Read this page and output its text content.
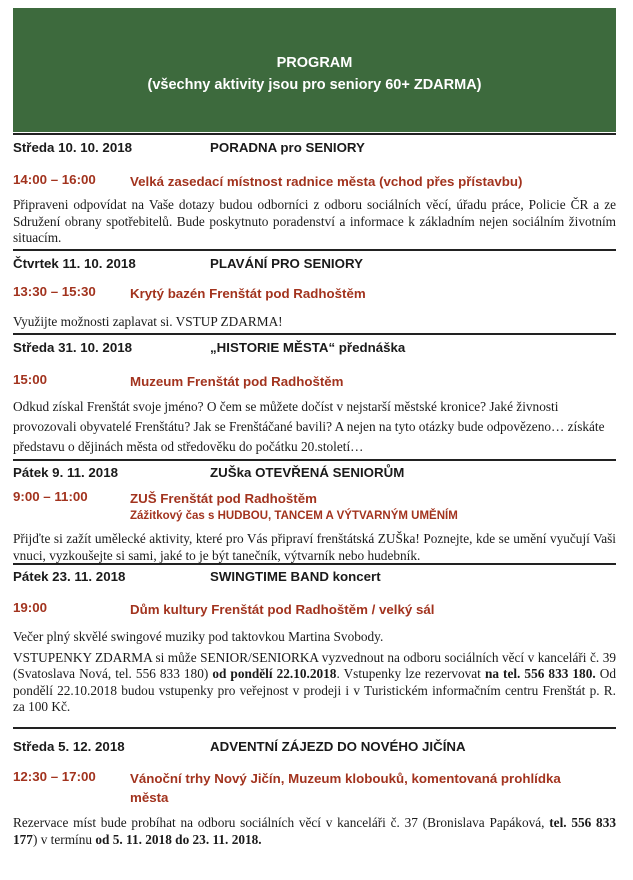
PROGRAM
(všechny aktivity jsou pro seniory 60+ ZDARMA)
Středa 10. 10. 2018	PORADNA pro SENIORY
14:00 – 16:00	Velká zasedací místnost radnice města (vchod přes přístavbu)
Připraveni odpovídat na Vaše dotazy budou odborníci z odboru sociálních věcí, úřadu práce, Policie ČR a ze Sdružení obrany spotřebitelů. Bude poskytnuto poradenství a informace k základním nejen sociálním životním situacím.
Čtvrtek 11. 10. 2018	PLAVÁNÍ PRO SENIORY
13:30 – 15:30	Krytý bazén Frenštát pod Radhoštěm
Využijte možnosti zaplavat si. VSTUP ZDARMA!
Středa 31. 10. 2018	„HISTORIE MĚSTA“ přednáška
15:00	Muzeum Frenštát pod Radhoštěm
Odkud získal Frenštát svoje jméno? O čem se můžete dočíst v nejstarší městské kronice? Jaké živnosti provozovali obyvatelé Frenštátu? Jak se Frenštáčané bavili? A nejen na tyto otázky bude odpovězeno… získáte představu o dějinách města od středověku do počátku 20.století…
Pátek 9. 11. 2018	ZUŠka OTEVŘENÁ SENIORŮM
9:00 – 11:00	ZUŠ Frenštát pod Radhoštěm
Zážitkový čas s HUDBOU, TANCEM A VÝTVARNÝM UMĚNÍM
Přijďte si zažít umělecké aktivity, které pro Vás připraví frenštátská ZUŠka! Poznejte, kde se umění vyučují Vaši vnuci, vyzkoušejte si sami, jaké to je být tanečník, výtvarník nebo hudebník.
Pátek 23. 11. 2018	SWINGTIME BAND koncert
19:00	Dům kultury Frenštát pod Radhoštěm / velký sál
Večer plný skvělé swingové muziky pod taktovkou Martina Svobody.
VSTUPENKY ZDARMA si může SENIOR/SENIORKA vyzvednout na odboru sociálních věcí v kanceláři č. 39 (Svatoslava Nová, tel. 556 833 180) od pondělí 22.10.2018. Vstupenky lze rezervovat na tel. 556 833 180. Od pondělí 22.10.2018 budou vstupenky pro veřejnost v prodeji i v Turistickém informačním centru Frenštát p. R. za 100 Kč.
Středa 5. 12. 2018	ADVENTNÍ ZÁJEZD DO NOVÉHO JIČÍNA
12:30 – 17:00	Vánoční trhy Nový Jičín, Muzeum klobouků, komentovaná prohlídka města
Rezervace míst bude probíhat na odboru sociálních věcí v kanceláři č. 37 (Bronislava Papáková, tel. 556 833 177) v termínu od 5. 11. 2018 do 23. 11. 2018.
